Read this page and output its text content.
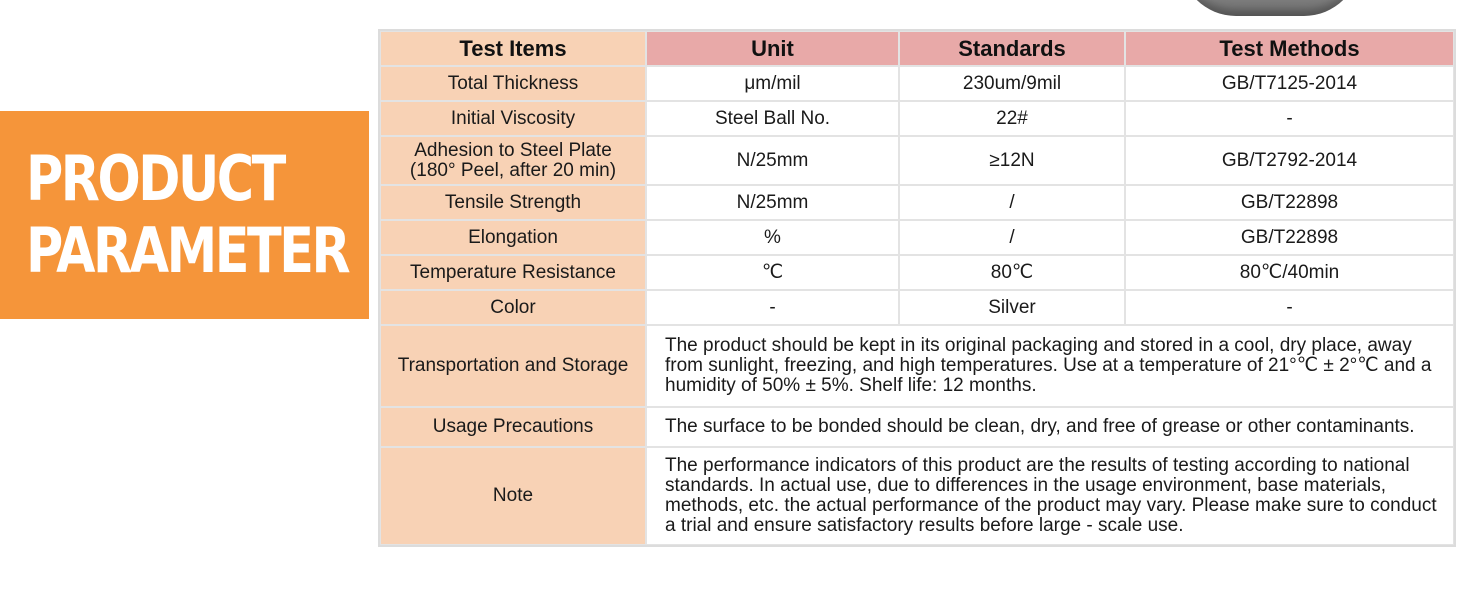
PRODUCT
PARAMETER
Test Items	Unit	Standards	Test Methods
Total Thickness	μm/mil	230um/9mil	GB/T7125-2014
Initial Viscosity	Steel Ball No.	22#	-

Adhesion to Steel Plate
(180° Peel, after 20 min)	N/25mm	≥12N	GB/T2792-2014
Tensile Strength	N/25mm	/	GB/T22898
Elongation	%	/	GB/T22898
Temperature Resistance	℃	80℃	80℃/40min
Color	-	Silver	-
Transportation and Storage	The product should be kept in its original packaging and stored in a cool, dry place, away from sunlight, freezing, and high temperatures. Use at a temperature of 21°℃ ± 2°℃ and a humidity of 50% ± 5%. Shelf life: 12 months.		
Usage Precautions	The surface to be bonded should be clean, dry, and free of grease or other contaminants.		
Note	The performance indicators of this product are the results of testing according to national standards. In actual use, due to differences in the usage environment, base materials, methods, etc. the actual performance of the product may vary. Please make sure to conduct a trial and ensure satisfactory results before large - scale use.		
